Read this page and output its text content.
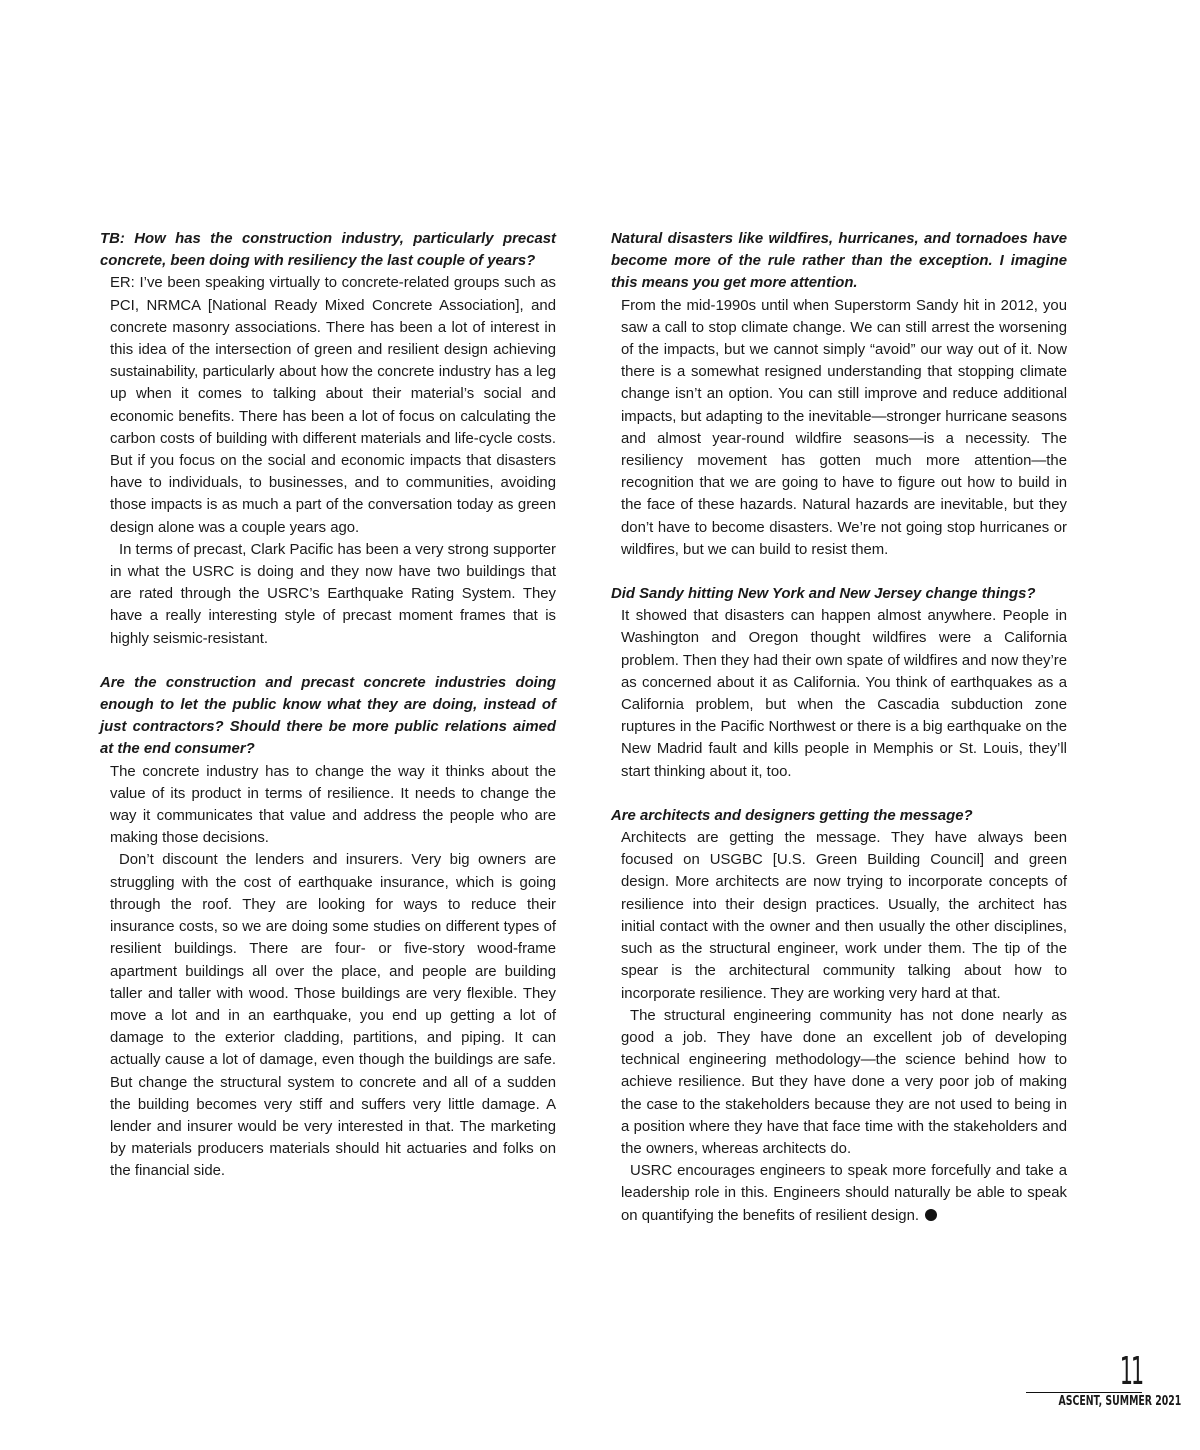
TB: How has the construction industry, particularly precast concrete, been doing with resiliency the last couple of years?

ER: I’ve been speaking virtually to concrete-related groups such as PCI, NRMCA [National Ready Mixed Concrete Association], and concrete masonry associations. There has been a lot of interest in this idea of the intersection of green and resilient design achieving sustainability, particularly about how the concrete industry has a leg up when it comes to talking about their material’s social and economic benefits. There has been a lot of focus on calculating the carbon costs of building with different materials and life-cycle costs. But if you focus on the social and economic impacts that disasters have to individuals, to businesses, and to communities, avoiding those impacts is as much a part of the conversation today as green design alone was a couple years ago.

In terms of precast, Clark Pacific has been a very strong supporter in what the USRC is doing and they now have two buildings that are rated through the USRC’s Earthquake Rating System. They have a really interesting style of precast moment frames that is highly seismic-resistant.

Are the construction and precast concrete industries doing enough to let the public know what they are doing, instead of just contractors? Should there be more public relations aimed at the end consumer?

The concrete industry has to change the way it thinks about the value of its product in terms of resilience. It needs to change the way it communicates that value and address the people who are making those decisions.

Don’t discount the lenders and insurers. Very big owners are struggling with the cost of earthquake insurance, which is going through the roof. They are looking for ways to reduce their insurance costs, so we are doing some studies on different types of resilient buildings. There are four- or five-story wood-frame apartment buildings all over the place, and people are building taller and taller with wood. Those buildings are very flexible. They move a lot and in an earthquake, you end up getting a lot of damage to the exterior cladding, partitions, and piping. It can actually cause a lot of damage, even though the buildings are safe. But change the structural system to concrete and all of a sudden the building becomes very stiff and suffers very little damage. A lender and insurer would be very interested in that. The marketing by materials producers materials should hit actuaries and folks on the financial side.

Natural disasters like wildfires, hurricanes, and tornadoes have become more of the rule rather than the exception. I imagine this means you get more attention.

From the mid-1990s until when Superstorm Sandy hit in 2012, you saw a call to stop climate change. We can still arrest the worsening of the impacts, but we cannot simply “avoid” our way out of it. Now there is a somewhat resigned understanding that stopping climate change isn’t an option. You can still improve and reduce additional impacts, but adapting to the inevitable—stronger hurricane seasons and almost year-round wildfire seasons—is a necessity. The resiliency movement has gotten much more attention—the recognition that we are going to have to figure out how to build in the face of these hazards. Natural hazards are inevitable, but they don’t have to become disasters. We’re not going stop hurricanes or wildfires, but we can build to resist them.

Did Sandy hitting New York and New Jersey change things?

It showed that disasters can happen almost anywhere. People in Washington and Oregon thought wildfires were a California problem. Then they had their own spate of wildfires and now they’re as concerned about it as California. You think of earthquakes as a California problem, but when the Cascadia subduction zone ruptures in the Pacific Northwest or there is a big earthquake on the New Madrid fault and kills people in Memphis or St. Louis, they’ll start thinking about it, too.

Are architects and designers getting the message?

Architects are getting the message. They have always been focused on USGBC [U.S. Green Building Council] and green design. More architects are now trying to incorporate concepts of resilience into their design practices. Usually, the architect has initial contact with the owner and then usually the other disciplines, such as the structural engineer, work under them. The tip of the spear is the architectural community talking about how to incorporate resilience. They are working very hard at that.

The structural engineering community has not done nearly as good a job. They have done an excellent job of developing technical engineering methodology—the science behind how to achieve resilience. But they have done a very poor job of making the case to the stakeholders because they are not used to being in a position where they have that face time with the stakeholders and the owners, whereas architects do.

USRC encourages engineers to speak more forcefully and take a leadership role in this. Engineers should naturally be able to speak on quantifying the benefits of resilient design.

11
ASCENT, SUMMER 2021
